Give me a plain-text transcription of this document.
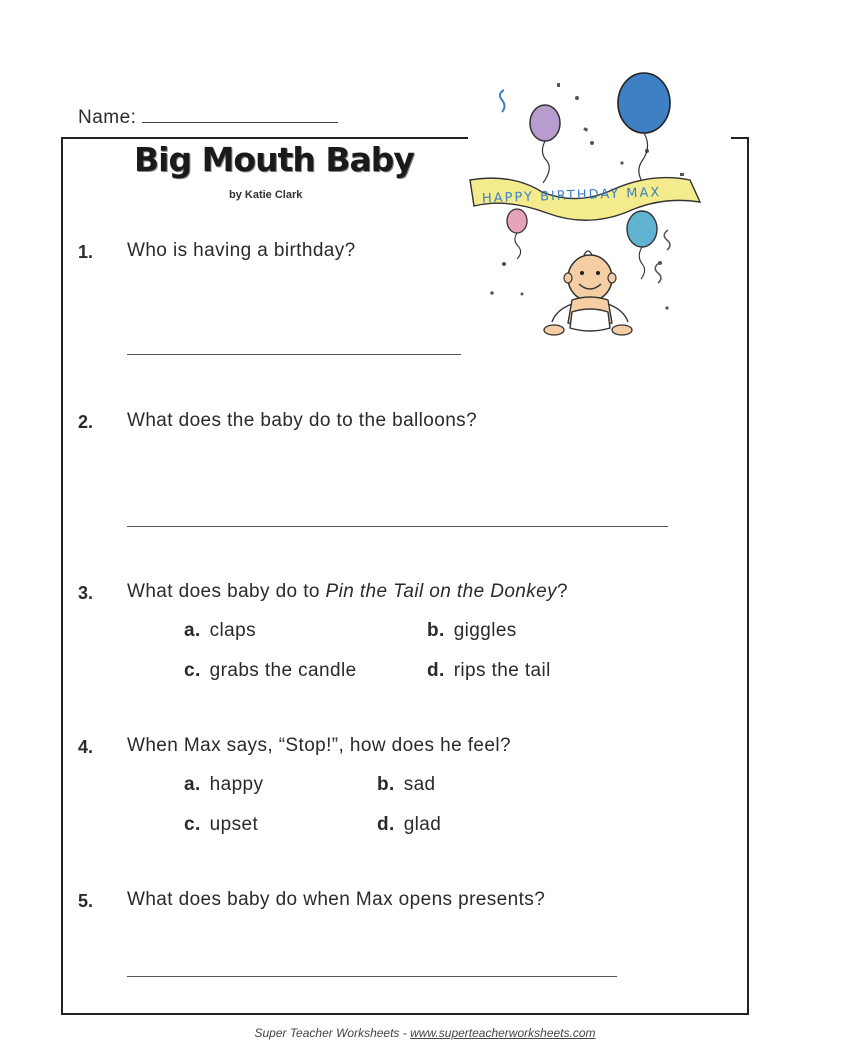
Name:
Big Mouth Baby
by Katie Clark	HAPPY BIRTHDAY MAX
1. Who is having a birthday?
2. What does the baby do to the balloons?
3. What does baby do to Pin the Tail on the Donkey?
a. claps	b. giggles
c. grabs the candle	d. rips the tail
4. When Max says, “Stop!”, how does he feel?
a. happy	b. sad
c. upset	d. glad
5. What does baby do when Max opens presents?
Super Teacher Worksheets - www.superteacherworksheets.com
